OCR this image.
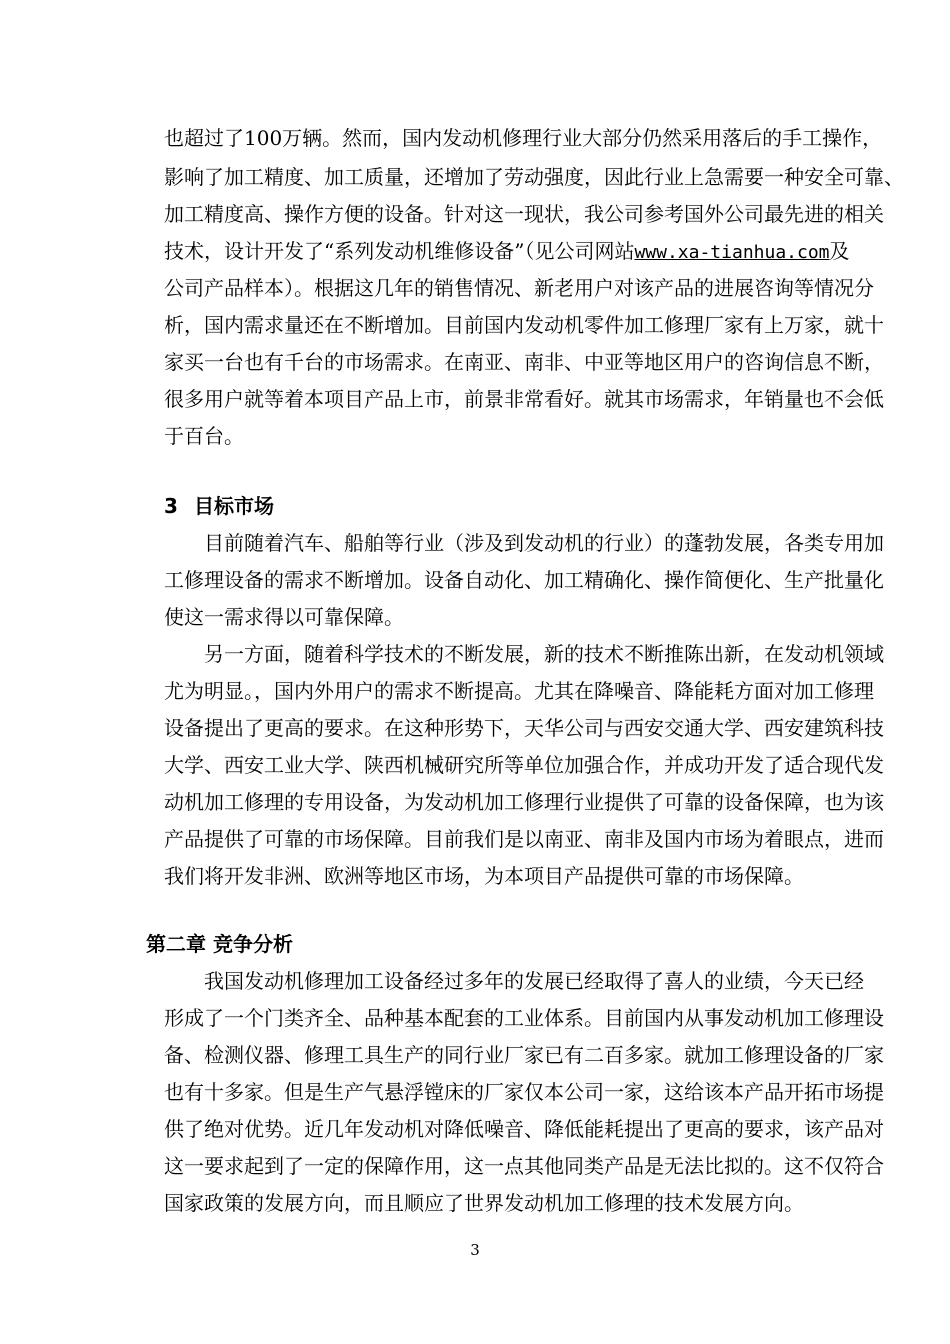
也超过了100万辆。然而，国内发动机修理行业大部分仍然采用落后的手工操作，
影响了加工精度、加工质量，还增加了劳动强度，因此行业上急需要一种安全可靠、
加工精度高、操作方便的设备。针对这一现状，我公司参考国外公司最先进的相关
技术，设计开发了“系列发动机维修设备”（见公司网站www.xa-tianhua.com及
公司产品样本）。根据这几年的销售情况、新老用户对该产品的进展咨询等情况分
析，国内需求量还在不断增加。目前国内发动机零件加工修理厂家有上万家，就十
家买一台也有千台的市场需求。在南亚、南非、中亚等地区用户的咨询信息不断，
很多用户就等着本项目产品上市，前景非常看好。就其市场需求，年销量也不会低
于百台。
3 目标市场
目前随着汽车、船舶等行业（涉及到发动机的行业）的蓬勃发展，各类专用加
工修理设备的需求不断增加。设备自动化、加工精确化、操作简便化、生产批量化
使这一需求得以可靠保障。
另一方面，随着科学技术的不断发展，新的技术不断推陈出新，在发动机领域
尤为明显。，国内外用户的需求不断提高。尤其在降噪音、降能耗方面对加工修理
设备提出了更高的要求。在这种形势下，天华公司与西安交通大学、西安建筑科技
大学、西安工业大学、陕西机械研究所等单位加强合作，并成功开发了适合现代发
动机加工修理的专用设备，为发动机加工修理行业提供了可靠的设备保障，也为该
产品提供了可靠的市场保障。目前我们是以南亚、南非及国内市场为着眼点，进而
我们将开发非洲、欧洲等地区市场，为本项目产品提供可靠的市场保障。
第二章 竞争分析
我国发动机修理加工设备经过多年的发展已经取得了喜人的业绩，今天已经
形成了一个门类齐全、品种基本配套的工业体系。目前国内从事发动机加工修理设
备、检测仪器、修理工具生产的同行业厂家已有二百多家。就加工修理设备的厂家
也有十多家。但是生产气悬浮镗床的厂家仅本公司一家，这给该本产品开拓市场提
供了绝对优势。近几年发动机对降低噪音、降低能耗提出了更高的要求，该产品对
这一要求起到了一定的保障作用，这一点其他同类产品是无法比拟的。这不仅符合
国家政策的发展方向，而且顺应了世界发动机加工修理的技术发展方向。
3
